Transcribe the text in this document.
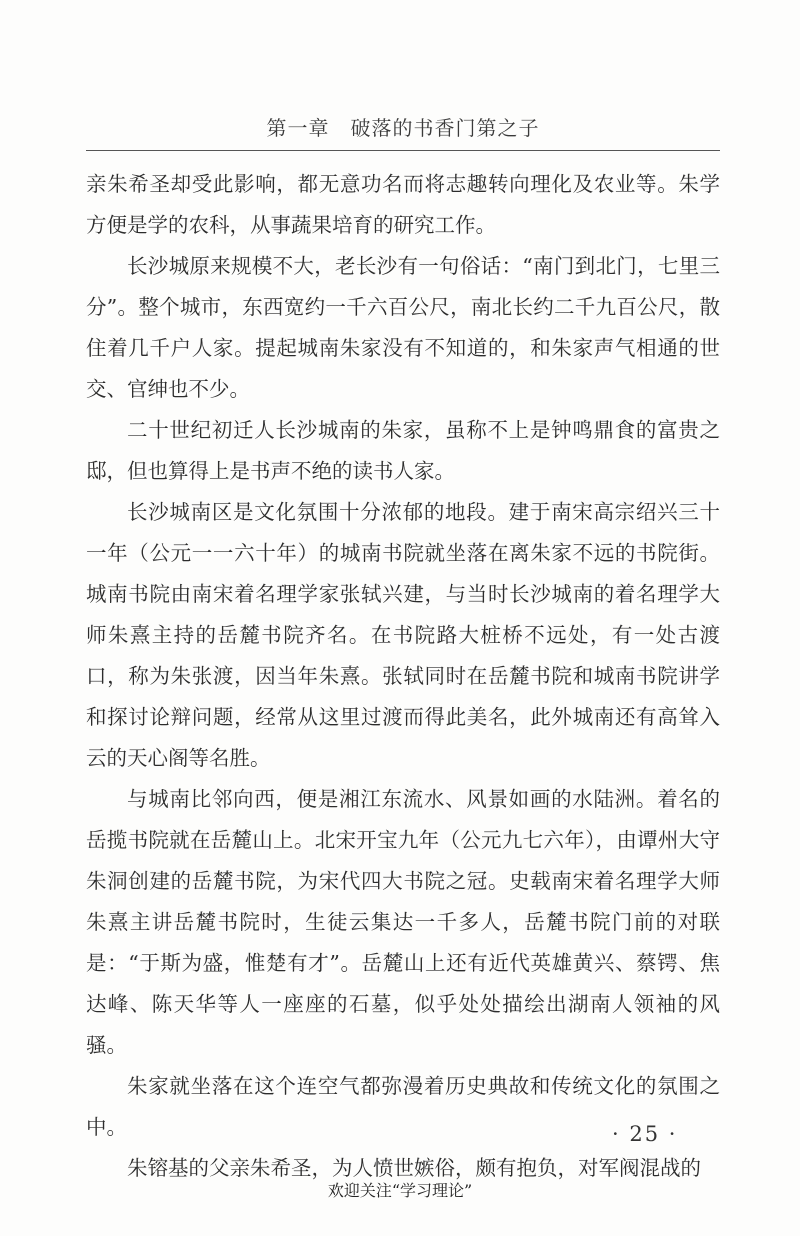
第一章　破落的书香门第之子

亲朱希圣却受此影响，都无意功名而将志趣转向理化及农业等。朱学方便是学的农科，从事蔬果培育的研究工作。

长沙城原来规模不大，老长沙有一句俗话：“南门到北门，七里三分”。整个城市，东西宽约一千六百公尺，南北长约二千九百公尺，散住着几千户人家。提起城南朱家没有不知道的，和朱家声气相通的世交、官绅也不少。

二十世纪初迁人长沙城南的朱家，虽称不上是钟鸣鼎食的富贵之邸，但也算得上是书声不绝的读书人家。

长沙城南区是文化氛围十分浓郁的地段。建于南宋高宗绍兴三十一年（公元一一六十年）的城南书院就坐落在离朱家不远的书院街。城南书院由南宋着名理学家张轼兴建，与当时长沙城南的着名理学大师朱熹主持的岳麓书院齐名。在书院路大桩桥不远处，有一处古渡口，称为朱张渡，因当年朱熹。张轼同时在岳麓书院和城南书院讲学和探讨论辩问题，经常从这里过渡而得此美名，此外城南还有高耸入云的天心阁等名胜。

与城南比邻向西，便是湘江东流水、风景如画的水陆洲。着名的岳揽书院就在岳麓山上。北宋开宝九年（公元九七六年），由谭州大守朱洞创建的岳麓书院，为宋代四大书院之冠。史载南宋着名理学大师朱熹主讲岳麓书院时，生徒云集达一千多人，岳麓书院门前的对联是：“于斯为盛，惟楚有才”。岳麓山上还有近代英雄黄兴、蔡锷、焦达峰、陈天华等人一座座的石墓，似乎处处描绘出湖南人领袖的风骚。

朱家就坐落在这个连空气都弥漫着历史典故和传统文化的氛围之中。

朱镕基的父亲朱希圣，为人愤世嫉俗，颇有抱负，对军阀混战的

· 25 ·
欢迎关注“学习理论”
